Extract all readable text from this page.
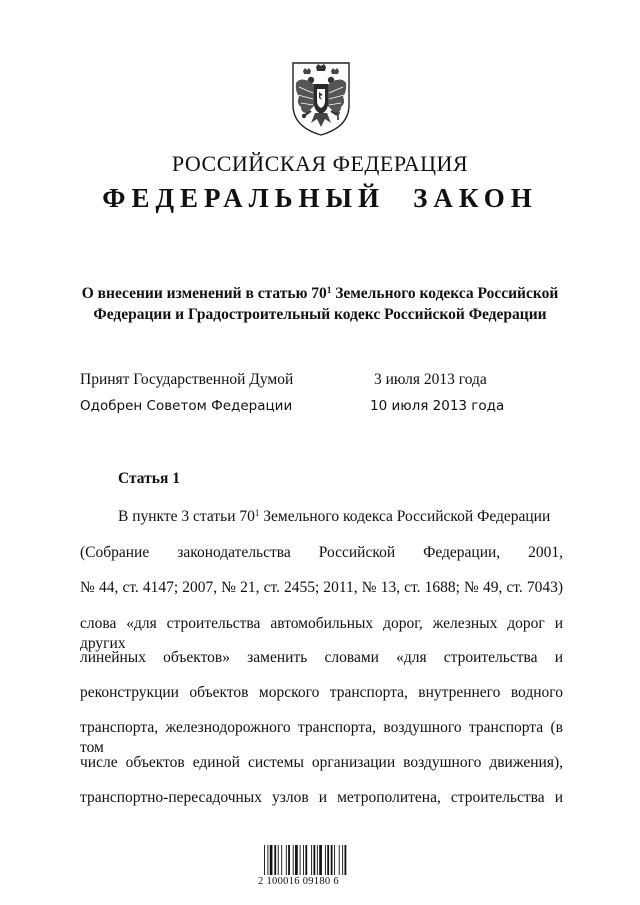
РОССИЙСКАЯ ФЕДЕРАЦИЯ
ФЕДЕРАЛЬНЫЙ ЗАКОН
О внесении изменений в статью $70^1$ Земельного кодекса Российской
Федерации и Градостроительный кодекс Российской Федерации
Принят Государственной Думой	3 июля 2013 года
Одобрен Советом Федерации	10 июля 2013 года
Статья 1
В пункте 3 статьи $70^1$ Земельного кодекса Российской Федерации
(Собрание законодательства Российской Федерации, 2001,
№ 44, ст. 4147; 2007, № 21, ст. 2455; 2011, № 13, ст. 1688; № 49, ст. 7043)
слова «для строительства автомобильных дорог, железных дорог и других
линейных объектов» заменить словами «для строительства и
реконструкции объектов морского транспорта, внутреннего водного
транспорта, железнодорожного транспорта, воздушного транспорта (в том
числе объектов единой системы организации воздушного движения),
транспортно-пересадочных узлов и метрополитена, строительства и
2 100016 09180 6
